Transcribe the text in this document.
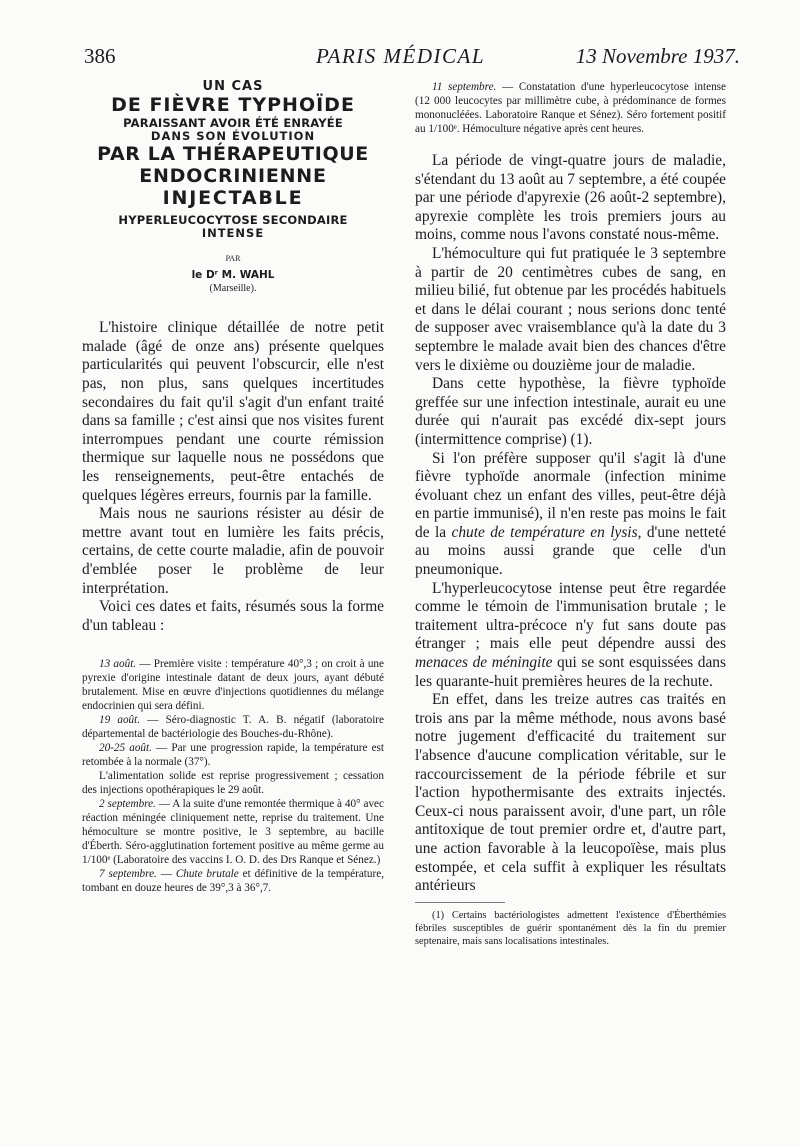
386	PARIS MÉDICAL	13 Novembre 1937.
UN CAS
DE FIÈVRE TYPHOÏDE
PARAISSANT AVOIR ÉTÉ ENRAYÉE
DANS SON ÉVOLUTION
PAR LA THÉRAPEUTIQUE
ENDOCRINIENNE
INJECTABLE
HYPERLEUCOCYTOSE SECONDAIRE
INTENSE
PAR
le Dʳ M. WAHL
(Marseille).

L'histoire clinique détaillée de notre petit malade (âgé de onze ans) présente quelques particularités qui peuvent l'obscurcir, elle n'est pas, non plus, sans quelques incertitudes secondaires du fait qu'il s'agit d'un enfant traité dans sa famille ; c'est ainsi que nos visites furent interrompues pendant une courte rémission thermique sur laquelle nous ne possédons que les renseignements, peut-être entachés de quelques légères erreurs, fournis par la famille.

Mais nous ne saurions résister au désir de mettre avant tout en lumière les faits précis, certains, de cette courte maladie, afin de pouvoir d'emblée poser le problème de leur interprétation.

Voici ces dates et faits, résumés sous la forme d'un tableau :

13 août. — Première visite : température 40°,3 ; on croit à une pyrexie d'origine intestinale datant de deux jours, ayant débuté brutalement. Mise en œuvre d'injections quotidiennes du mélange endocrinien qui sera défini.

19 août. — Séro-diagnostic T. A. B. négatif (laboratoire départemental de bactériologie des Bouches-du-Rhône).

20-25 août. — Par une progression rapide, la température est retombée à la normale (37°).

L'alimentation solide est reprise progressivement ; cessation des injections opothérapiques le 29 août.

2 septembre. — A la suite d'une remontée thermique à 40° avec réaction méningée cliniquement nette, reprise du traitement. Une hémoculture se montre positive, le 3 septembre, au bacille d'Éberth. Séro-agglutination fortement positive au même germe au 1/100ᵉ (Laboratoire des vaccins I. O. D. des Drs Ranque et Sénez.)

7 septembre. — Chute brutale et définitive de la température, tombant en douze heures de 39°,3 à 36°,7.

11 septembre. — Constatation d'une hyperleucocytose intense (12 000 leucocytes par millimètre cube, à prédominance de formes mononucléées. Laboratoire Ranque et Sénez). Séro fortement positif au 1/100ᵉ. Hémoculture négative après cent heures.

La période de vingt-quatre jours de maladie, s'étendant du 13 août au 7 septembre, a été coupée par une période d'apyrexie (26 août-2 septembre), apyrexie complète les trois premiers jours au moins, comme nous l'avons constaté nous-même.

L'hémoculture qui fut pratiquée le 3 septembre à partir de 20 centimètres cubes de sang, en milieu bilié, fut obtenue par les procédés habituels et dans le délai courant ; nous serions donc tenté de supposer avec vraisemblance qu'à la date du 3 septembre le malade avait bien des chances d'être vers le dixième ou douzième jour de maladie.

Dans cette hypothèse, la fièvre typhoïde greffée sur une infection intestinale, aurait eu une durée qui n'aurait pas excédé dix-sept jours (intermittence comprise) (1).

Si l'on préfère supposer qu'il s'agit là d'une fièvre typhoïde anormale (infection minime évoluant chez un enfant des villes, peut-être déjà en partie immunisé), il n'en reste pas moins le fait de la chute de température en lysis, d'une netteté au moins aussi grande que celle d'un pneumonique.

L'hyperleucocytose intense peut être regardée comme le témoin de l'immunisation brutale ; le traitement ultra-précoce n'y fut sans doute pas étranger ; mais elle peut dépendre aussi des menaces de méningite qui se sont esquissées dans les quarante-huit premières heures de la rechute.

En effet, dans les treize autres cas traités en trois ans par la même méthode, nous avons basé notre jugement d'efficacité du traitement sur l'absence d'aucune complication véritable, sur le raccourcissement de la période fébrile et sur l'action hypothermisante des extraits injectés. Ceux-ci nous paraissent avoir, d'une part, un rôle antitoxique de tout premier ordre et, d'autre part, une action favorable à la leucopoïèse, mais plus estompée, et cela suffit à expliquer les résultats antérieurs

(1) Certains bactériologistes admettent l'existence d'Éberthémies fébriles susceptibles de guérir spontanément dès la fin du premier septenaire, mais sans localisations intestinales.
